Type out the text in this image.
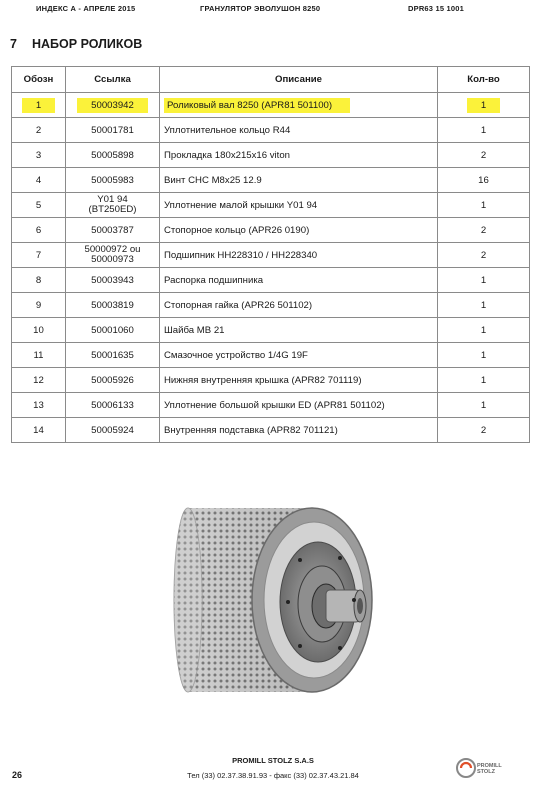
ИНДЕКС А - АПРЕЛЕ 2015	ГРАНУЛЯТОР ЭВОЛУШОН 8250	DPR63 15 1001
7 НАБОР РОЛИКОВ
Обозн	Ссылка	Описание	Кол-во
1	50003942	Роликовый вал 8250 (APR81 501100)	1
2	50001781	Уплотнительное кольцо R44	1
3	50005898	Прокладка 180x215x16 viton	2
4	50005983	Винт CHC M8x25 12.9	16
5	Y01 94
(BT250ED)	Уплотнение малой крышки Y01 94	1
6	50003787	Стопорное кольцо (APR26 0190)	2
7	50000972 ou
50000973	Подшипник HH228310 / HH228340	2
8	50003943	Распорка подшипника	1
9	50003819	Стопорная гайка (APR26 501102)	1
10	50001060	Шайба MB 21	1
11	50001635	Смазочное устройство 1/4G 19F	1
12	50005926	Нижняя внутренняя крышка (APR82 701119)	1
13	50006133	Уплотнение большой крышки ED (APR81 501102)	1
14	50005924	Внутренняя подставка (APR82 701121)	2
PROMILL STOLZ S.A.S
Тел (33) 02.37.38.91.93 - факс (33) 02.37.43.21.84
26
PROMILL
STOLZ
